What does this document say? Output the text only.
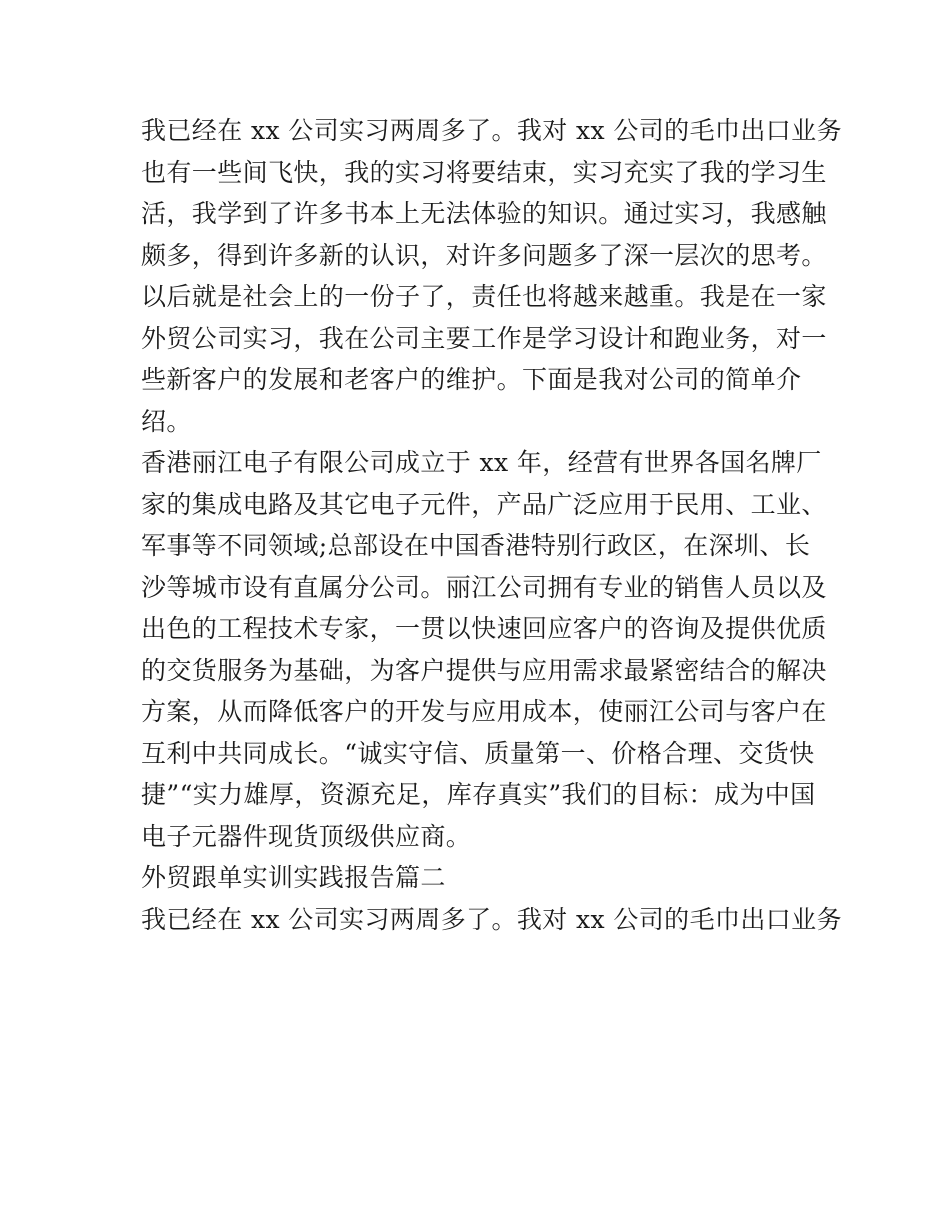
我已经在 xx 公司实习两周多了。我对 xx 公司的毛巾出口业务
也有一些间飞快，我的实习将要结束，实习充实了我的学习生
活，我学到了许多书本上无法体验的知识。通过实习，我感触
颇多，得到许多新的认识，对许多问题多了深一层次的思考。
以后就是社会上的一份子了，责任也将越来越重。我是在一家
外贸公司实习，我在公司主要工作是学习设计和跑业务，对一
些新客户的发展和老客户的维护。下面是我对公司的简单介
绍。
香港丽江电子有限公司成立于 xx 年，经营有世界各国名牌厂
家的集成电路及其它电子元件，产品广泛应用于民用、工业、
军事等不同领域;总部设在中国香港特别行政区，在深圳、长
沙等城市设有直属分公司。丽江公司拥有专业的销售人员以及
出色的工程技术专家，一贯以快速回应客户的咨询及提供优质
的交货服务为基础，为客户提供与应用需求最紧密结合的解决
方案，从而降低客户的开发与应用成本，使丽江公司与客户在
互利中共同成长。“诚实守信、质量第一、价格合理、交货快
捷”“实力雄厚，资源充足，库存真实”我们的目标：成为中国
电子元器件现货顶级供应商。
外贸跟单实训实践报告篇二
我已经在 xx 公司实习两周多了。我对 xx 公司的毛巾出口业务
